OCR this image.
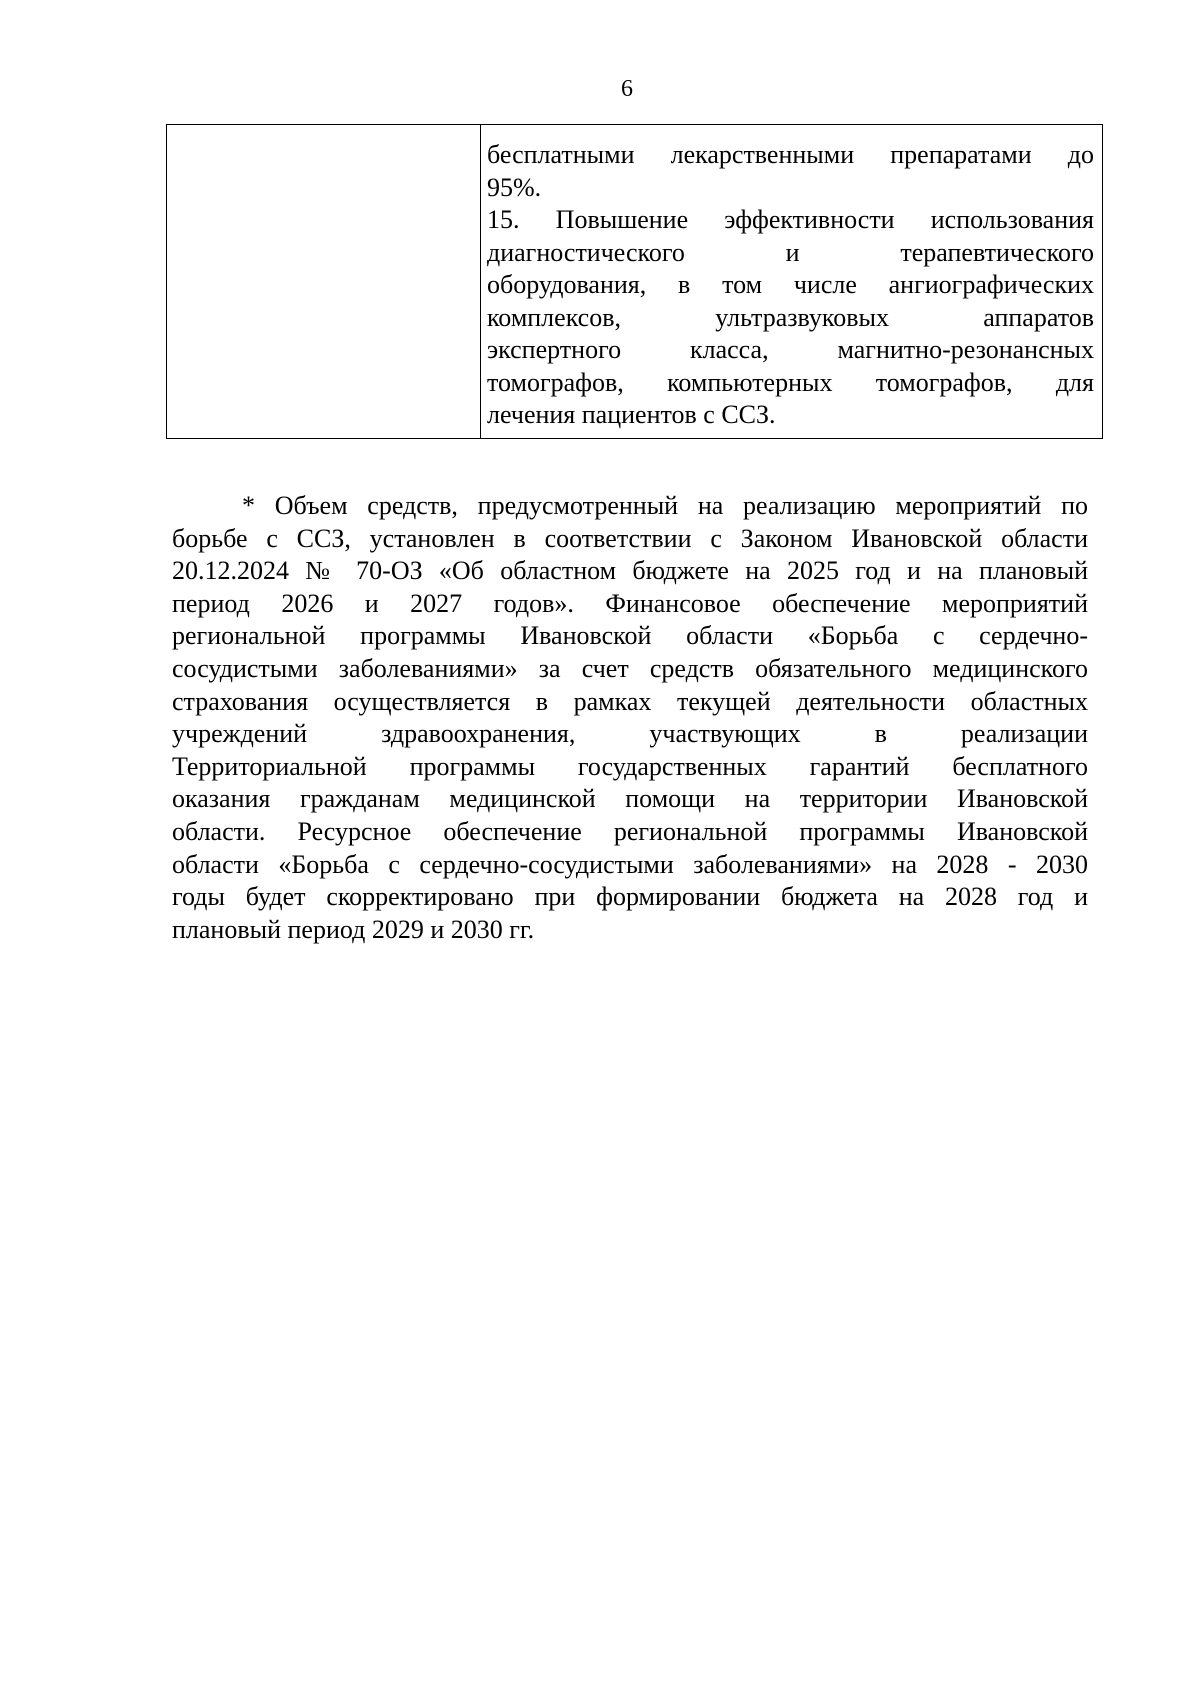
6

бесплатными лекарственными препаратами до
95%.
15. Повышение эффективности использования
диагностического и терапевтического
оборудования, в том числе ангиографических
комплексов, ультразвуковых аппаратов
экспертного класса, магнитно-резонансных
томографов, компьютерных томографов, для
лечения пациентов с ССЗ.
* Объем средств, предусмотренный на реализацию мероприятий по
борьбе с ССЗ, установлен в соответствии с Законом Ивановской области
20.12.2024 № 70-ОЗ «Об областном бюджете на 2025 год и на плановый
период 2026 и 2027 годов». Финансовое обеспечение мероприятий
региональной программы Ивановской области «Борьба с сердечно-
сосудистыми заболеваниями» за счет средств обязательного медицинского
страхования осуществляется в рамках текущей деятельности областных
учреждений здравоохранения, участвующих в реализации
Территориальной программы государственных гарантий бесплатного
оказания гражданам медицинской помощи на территории Ивановской
области. Ресурсное обеспечение региональной программы Ивановской
области «Борьба с сердечно-сосудистыми заболеваниями» на 2028 - 2030
годы будет скорректировано при формировании бюджета на 2028 год и
плановый период 2029 и 2030 гг.
